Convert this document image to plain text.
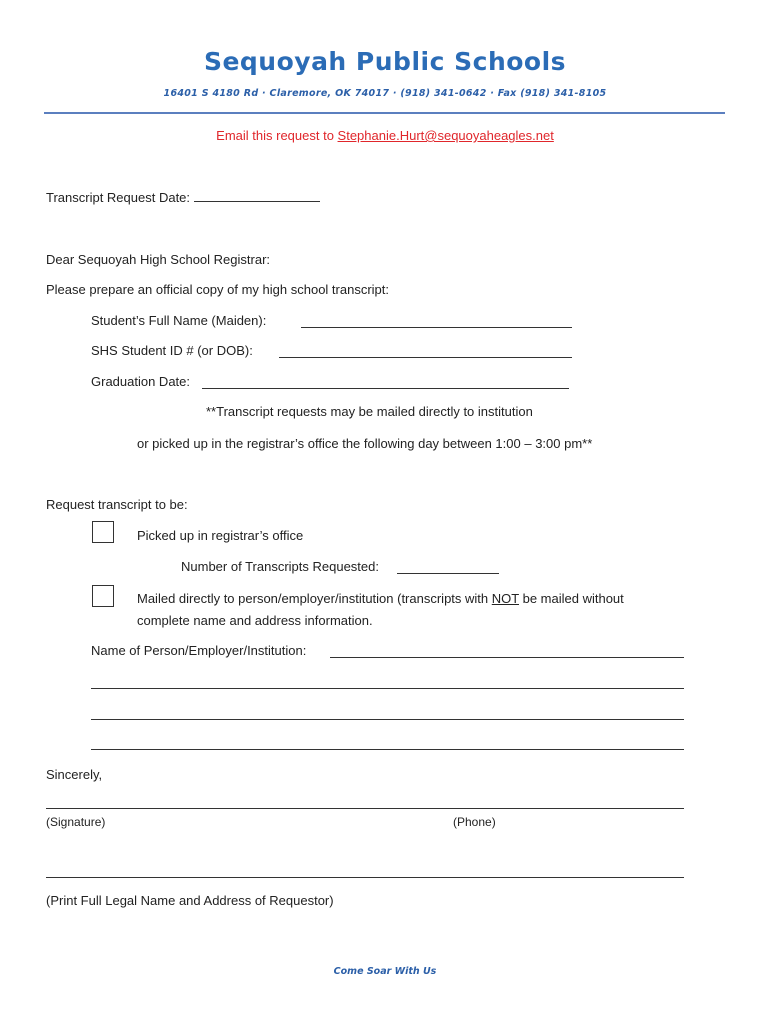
Sequoyah Public Schools
16401 S 4180 Rd · Claremore, OK 74017 · (918) 341-0642 · Fax (918) 341-8105
Email this request to Stephanie.Hurt@sequoyaheagles.net
Transcript Request Date:
Dear Sequoyah High School Registrar:
Please prepare an official copy of my high school transcript:
Student’s Full Name (Maiden):
SHS Student ID # (or DOB):
Graduation Date:
**Transcript requests may be mailed directly to institution
or picked up in the registrar’s office the following day between 1:00 – 3:00 pm**
Request transcript to be:
Picked up in registrar’s office
Number of Transcripts Requested:
Mailed directly to person/employer/institution (transcripts with NOT be mailed without
complete name and address information.
Name of Person/Employer/Institution:
Sincerely,
(Signature)	(Phone)
(Print Full Legal Name and Address of Requestor)
Come Soar With Us
